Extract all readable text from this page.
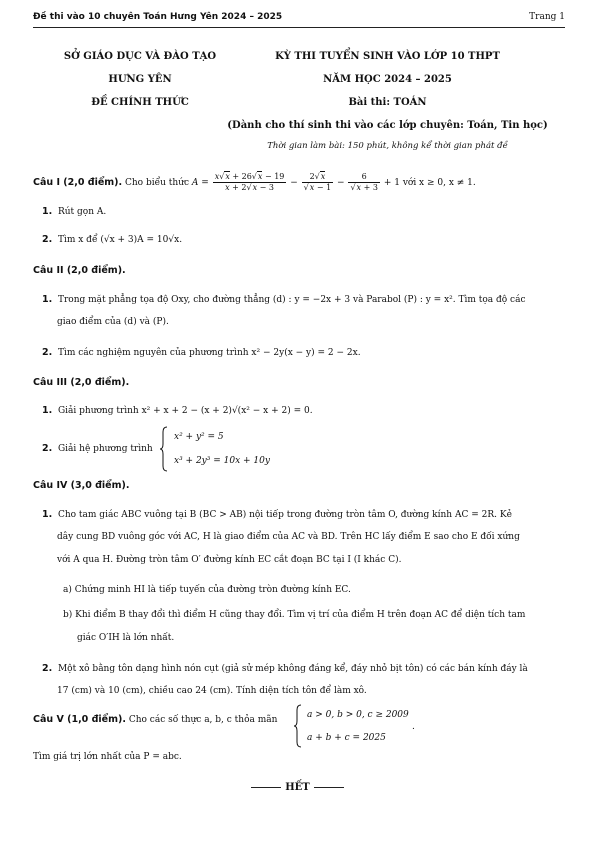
Đề thi vào 10 chuyên Toán Hưng Yên 2024 – 2025	Trang 1
SỞ GIÁO DỤC VÀ ĐÀO TẠO
HƯNG YÊN
ĐỀ CHÍNH THỨC
KỲ THI TUYỂN SINH VÀO LỚP 10 THPT
NĂM HỌC 2024 – 2025
Bài thi: TOÁN
(Dành cho thí sinh thi vào các lớp chuyên: Toán, Tin học)
Thời gian làm bài: 150 phút, không kể thời gian phát đề
Câu I (2,0 điểm). Cho biểu thức $A = \frac{x√x + 26√x - 19}{x + 2√x - 3} - \frac{2√x}{√x - 1} - \frac{6}{√x + 3} + 1$ với x ≥ 0, x ≠ 1.
1. Rút gọn A.
2. Tìm x để (√x + 3)A = 10√x.
Câu II (2,0 điểm).
1. Trong mặt phẳng tọa độ Oxy, cho đường thẳng (d) : y = −2x + 3 và Parabol (P) : y = x². Tìm tọa độ các
giao điểm của (d) và (P).
2. Tìm các nghiệm nguyên của phương trình x² − 2y(x − y) = 2 − 2x.
Câu III (2,0 điểm).
1. Giải phương trình x² + x + 2 − (x + 2)√(x² − x + 2) = 0.
2. Giải hệ phương trình
x² + y² = 5
x³ + 2y³ = 10x + 10y
Câu IV (3,0 điểm).
1. Cho tam giác ABC vuông tại B (BC > AB) nội tiếp trong đường tròn tâm O, đường kính AC = 2R. Kẻ
dây cung BD vuông góc với AC, H là giao điểm của AC và BD. Trên HC lấy điểm E sao cho E đối xứng
với A qua H. Đường tròn tâm O′ đường kính EC cắt đoạn BC tại I (I khác C).
a) Chứng minh HI là tiếp tuyến của đường tròn đường kính EC.
b) Khi điểm B thay đổi thì điểm H cũng thay đổi. Tìm vị trí của điểm H trên đoạn AC để diện tích tam
giác O′IH là lớn nhất.
2. Một xô bằng tôn dạng hình nón cụt (giả sử mép không đáng kể, đáy nhỏ bịt tôn) có các bán kính đáy là
17 (cm) và 10 (cm), chiều cao 24 (cm). Tính diện tích tôn để làm xô.
Câu V (1,0 điểm). Cho các số thực a, b, c thỏa mãn	a > 0, b > 0, c ≥ 2009
a + b + c = 2025
.
Tìm giá trị lớn nhất của P = abc.
HẾT
